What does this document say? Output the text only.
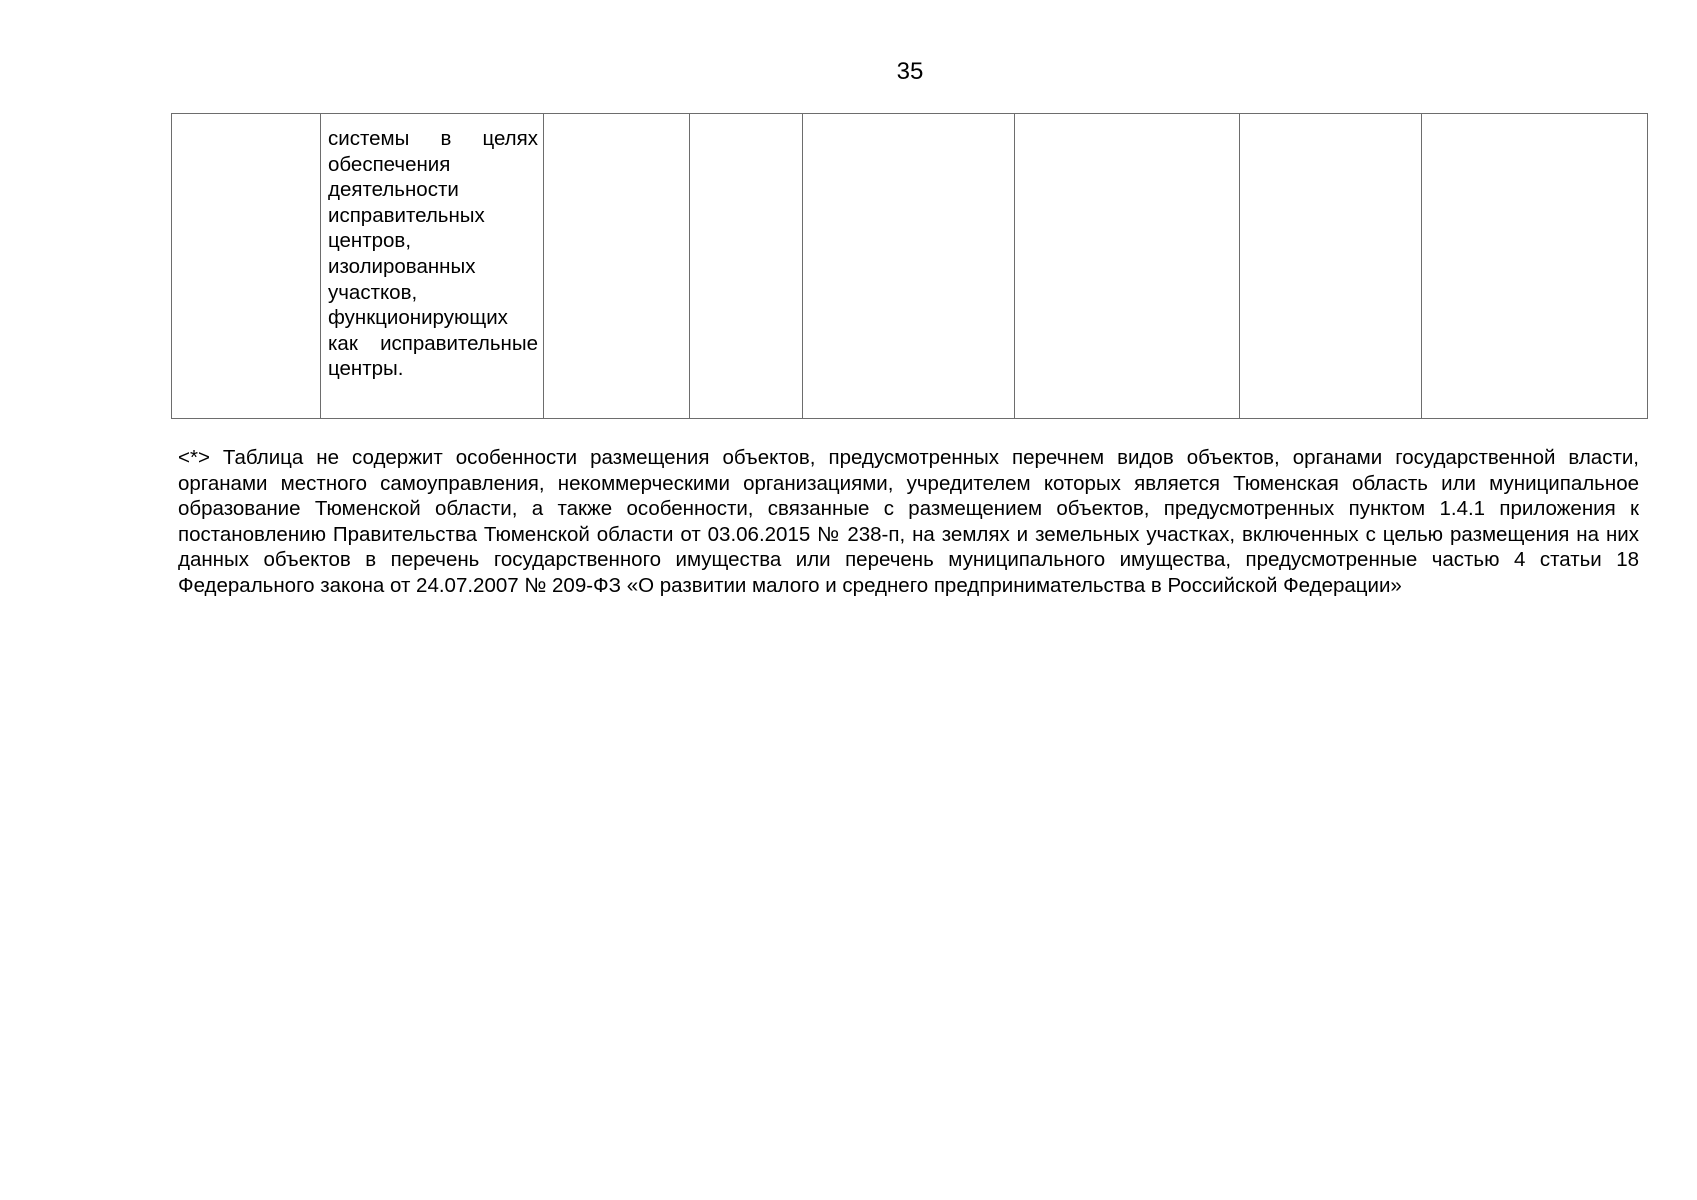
35
	системы в целях обеспечения деятельности исправительных центров, изолированных участков, функционирующих как исправительные центры.						

<*> Таблица не содержит особенности размещения объектов, предусмотренных перечнем видов объектов, органами государственной власти, органами местного самоуправления, некоммерческими организациями, учредителем которых является Тюменская область или муниципальное образование Тюменской области, а также особенности, связанные с размещением объектов, предусмотренных пунктом 1.4.1 приложения к постановлению Правительства Тюменской области от 03.06.2015 № 238-п, на землях и земельных участках, включенных с целью размещения на них данных объектов в перечень государственного имущества или перечень муниципального имущества, предусмотренные частью 4 статьи 18 Федерального закона от 24.07.2007 № 209-ФЗ «О развитии малого и среднего предпринимательства в Российской Федерации»
